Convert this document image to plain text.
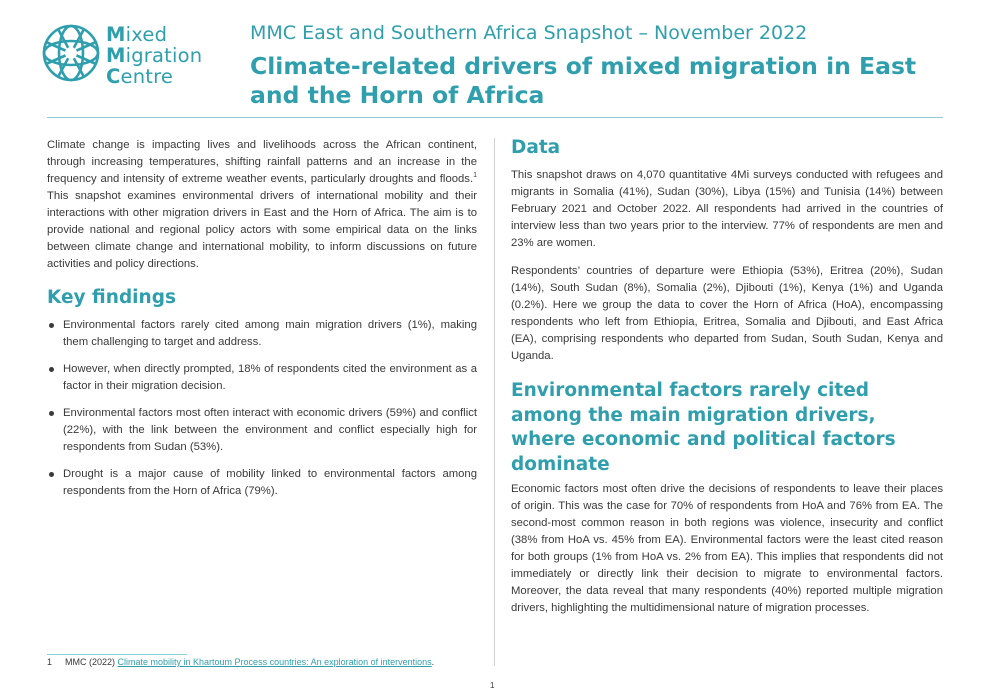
Mixed
Migration
Centre
MMC East and Southern Africa Snapshot – November 2022
Climate-related drivers of mixed migration in East and the Horn of Africa

Climate change is impacting lives and livelihoods across the African continent, through increasing temperatures, shifting rainfall patterns and an increase in the frequency and intensity of extreme weather events, particularly droughts and floods.$^1$ This snapshot examines environmental drivers of international mobility and their interactions with other migration drivers in East and the Horn of Africa. The aim is to provide national and regional policy actors with some empirical data on the links between climate change and international mobility, to inform discussions on future activities and policy directions.

Key findings
Environmental factors rarely cited among main migration drivers (1%), making them challenging to target and address.
However, when directly prompted, 18% of respondents cited the environment as a factor in their migration decision.
Environmental factors most often interact with economic drivers (59%) and conflict (22%), with the link between the environment and conflict especially high for respondents from Sudan (53%).
Drought is a major cause of mobility linked to environmental factors among respondents from the Horn of Africa (79%).
Data

This snapshot draws on 4,070 quantitative 4Mi surveys conducted with refugees and migrants in Somalia (41%), Sudan (30%), Libya (15%) and Tunisia (14%) between February 2021 and October 2022. All respondents had arrived in the countries of interview less than two years prior to the interview. 77% of respondents are men and 23% are women.

Respondents’ countries of departure were Ethiopia (53%), Eritrea (20%), Sudan (14%), South Sudan (8%), Somalia (2%), Djibouti (1%), Kenya (1%) and Uganda (0.2%). Here we group the data to cover the Horn of Africa (HoA), encompassing respondents who left from Ethiopia, Eritrea, Somalia and Djibouti, and East Africa (EA), comprising respondents who departed from Sudan, South Sudan, Kenya and Uganda.

Environmental factors rarely cited among the main migration drivers, where economic and political factors dominate

Economic factors most often drive the decisions of respondents to leave their places of origin. This was the case for 70% of respondents from HoA and 76% from EA. The second-most common reason in both regions was violence, insecurity and conflict (38% from HoA vs. 45% from EA). Environmental factors were the least cited reason for both groups (1% from HoA vs. 2% from EA). This implies that respondents did not immediately or directly link their decision to migrate to environmental factors. Moreover, the data reveal that many respondents (40%) reported multiple migration drivers, highlighting the multidimensional nature of migration processes.

1 MMC (2022) Climate mobility in Khartoum Process countries: An exploration of interventions.
1
